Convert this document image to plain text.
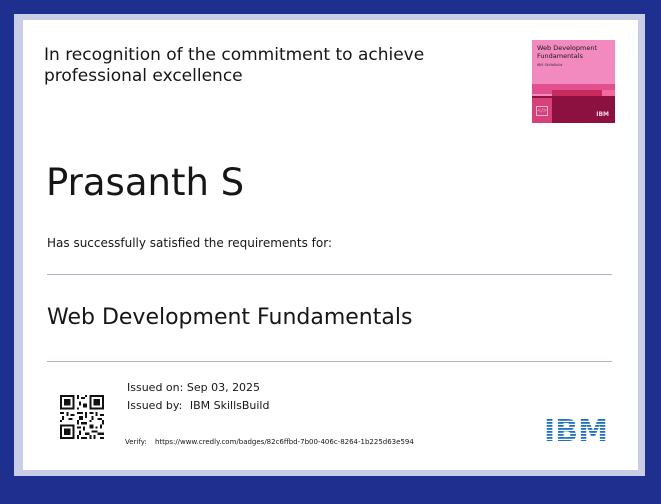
In recognition of the commitment to achieve professional excellence
Web Development Fundamentals
IBM SkillsBuild
</>	IBM
Prasanth S
Has successfully satisfied the requirements for:
Web Development Fundamentals
Issued on: Sep 03, 2025
Issued by: IBM SkillsBuild
Verify: https://www.credly.com/badges/82c6ffbd-7b00-406c-8264-1b225d63e594
